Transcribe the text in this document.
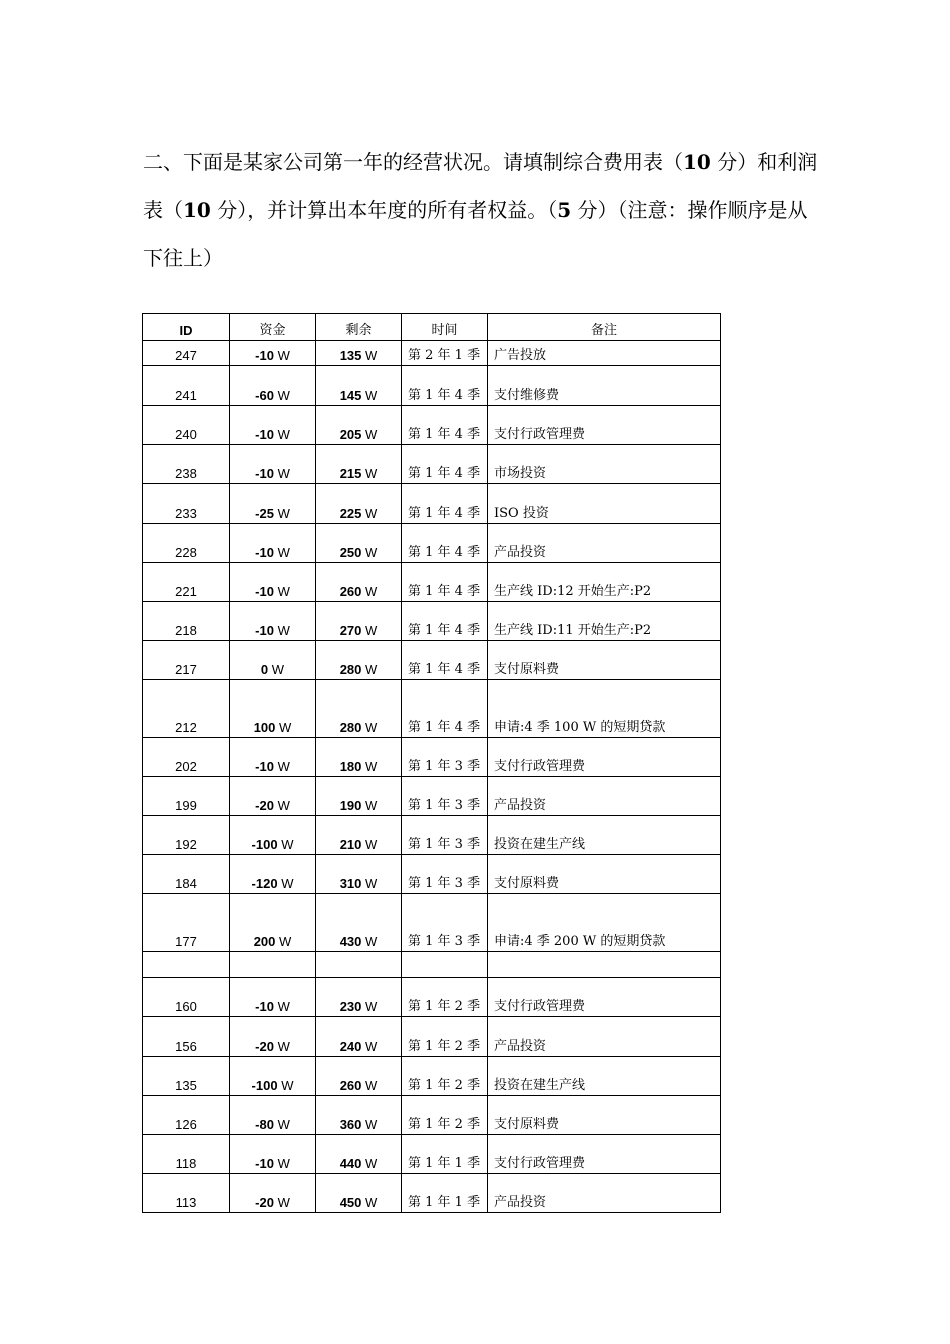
二、下面是某家公司第一年的经营状况。请填制综合费用表（10 分）和利润表（10 分），并计算出本年度的所有者权益。（5 分）（注意：操作顺序是从下往上）

ID	资金	剩余	时间	备注
247	-10 W	135 W	第 2 年 1 季	广告投放
241	-60 W	145 W	第 1 年 4 季	支付维修费
240	-10 W	205 W	第 1 年 4 季	支付行政管理费
238	-10 W	215 W	第 1 年 4 季	市场投资
233	-25 W	225 W	第 1 年 4 季	ISO 投资
228	-10 W	250 W	第 1 年 4 季	产品投资
221	-10 W	260 W	第 1 年 4 季	生产线 ID:12 开始生产:P2
218	-10 W	270 W	第 1 年 4 季	生产线 ID:11 开始生产:P2
217	0 W	280 W	第 1 年 4 季	支付原料费
212	100 W	280 W	第 1 年 4 季	申请:4 季 100 W 的短期贷款
202	-10 W	180 W	第 1 年 3 季	支付行政管理费
199	-20 W	190 W	第 1 年 3 季	产品投资
192	-100 W	210 W	第 1 年 3 季	投资在建生产线
184	-120 W	310 W	第 1 年 3 季	支付原料费
177	200 W	430 W	第 1 年 3 季	申请:4 季 200 W 的短期贷款

160	-10 W	230 W	第 1 年 2 季	支付行政管理费
156	-20 W	240 W	第 1 年 2 季	产品投资
135	-100 W	260 W	第 1 年 2 季	投资在建生产线
126	-80 W	360 W	第 1 年 2 季	支付原料费
118	-10 W	440 W	第 1 年 1 季	支付行政管理费
113	-20 W	450 W	第 1 年 1 季	产品投资
